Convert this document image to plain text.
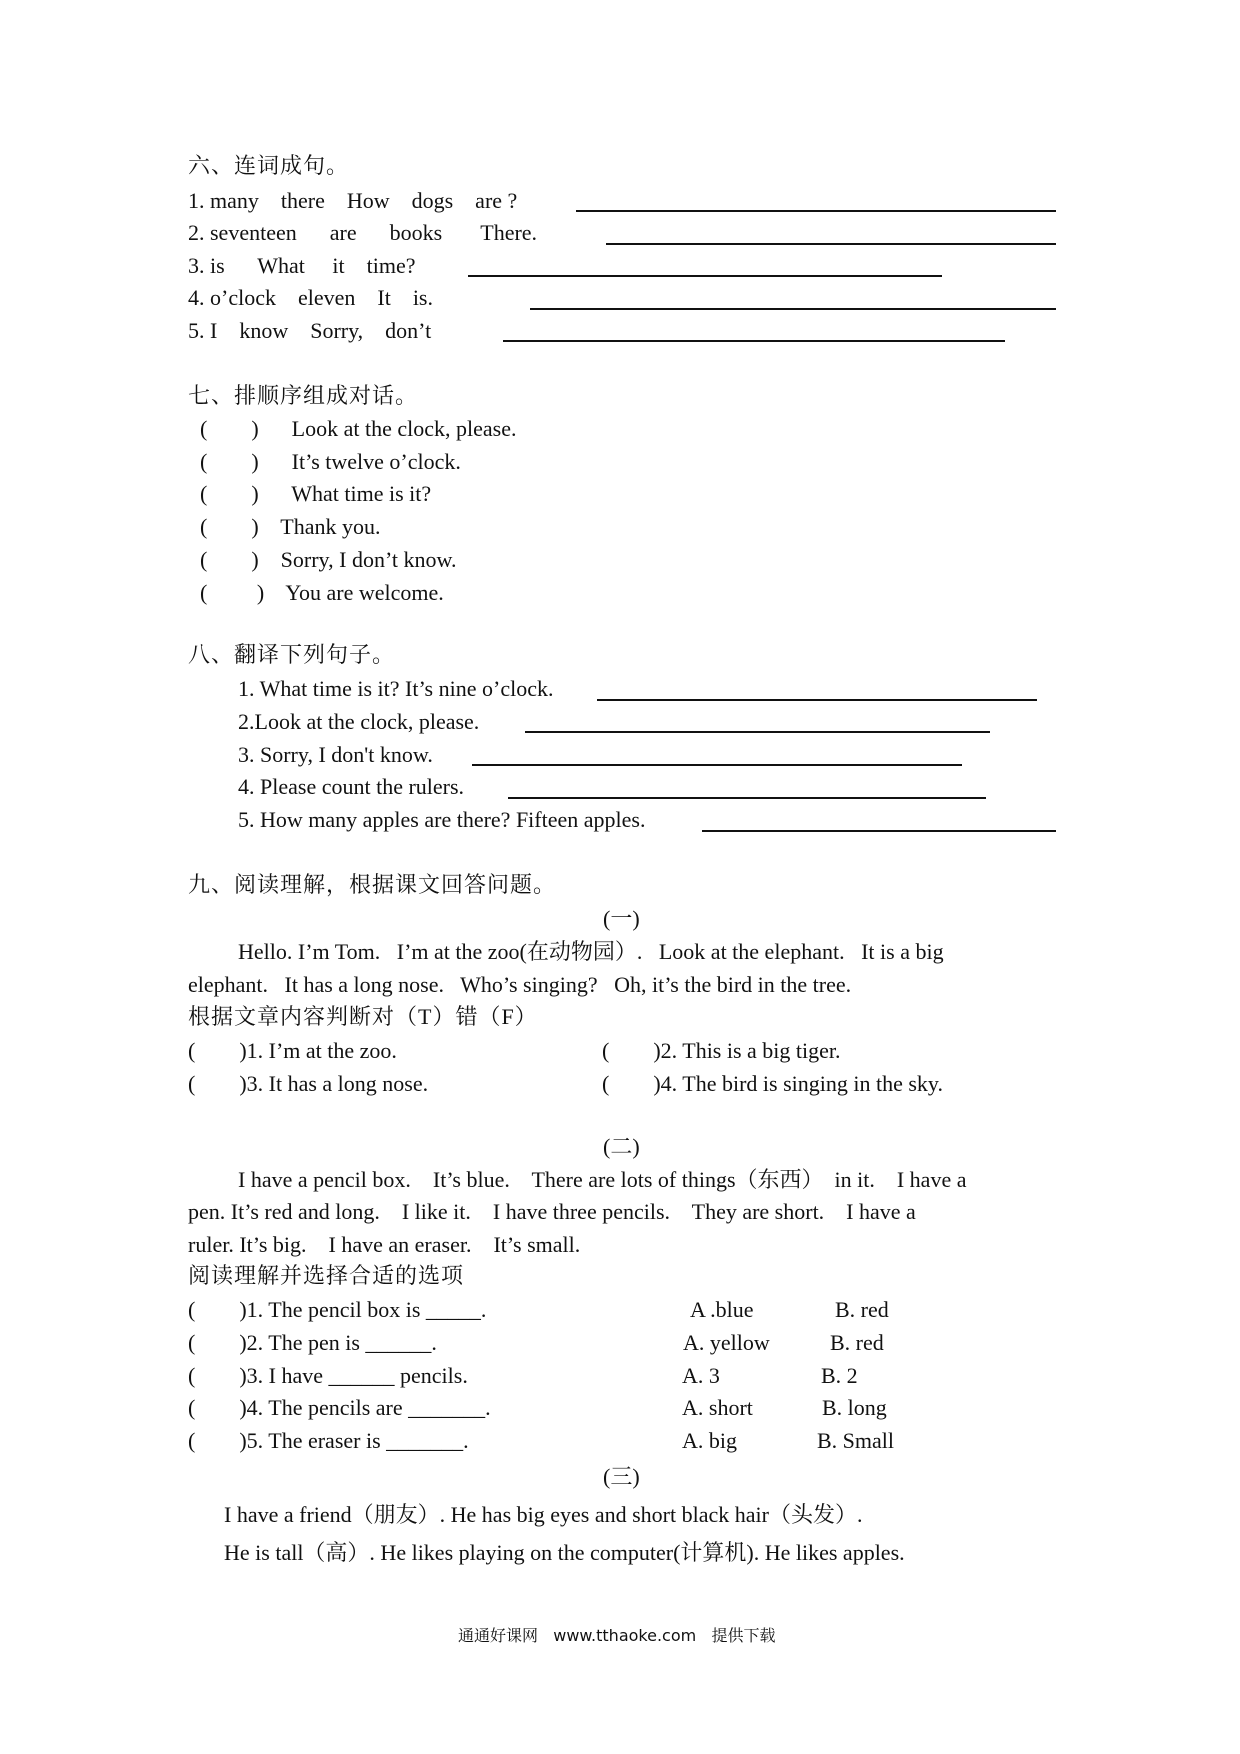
六、连词成句。
1. many    there    How    dogs    are ?
2. seventeen      are      books       There.
3. is      What     it    time?
4. o’clock    eleven    It    is.
5. I    know    Sorry,    don’t
七、排顺序组成对话。
(        )      Look at the clock, please.
(        )      It’s twelve o’clock.
(        )      What time is it?
(        )    Thank you.
(        )    Sorry, I don’t know.
(         )    You are welcome.
八、翻译下列句子。
1. What time is it? It’s nine o’clock.
2.Look at the clock, please.
3. Sorry, I don't know.
4. Please count the rulers.
5. How many apples are there? Fifteen apples.
九、阅读理解，根据课文回答问题。
(一)
Hello. I’m Tom.   I’m at the zoo(在动物园）.   Look at the elephant.   It is a big
elephant.   It has a long nose.   Who’s singing?   Oh, it’s the bird in the tree.
根据文章内容判断对（T）错（F）
(        )1. I’m at the zoo.	(        )2. This is a big tiger.
(        )3. It has a long nose.	(        )4. The bird is singing in the sky.
(二)
I have a pencil box.    It’s blue.    There are lots of things（东西）  in it.    I have a
pen. It’s red and long.    I like it.    I have three pencils.    They are short.    I have a
ruler. It’s big.    I have an eraser.    It’s small.
阅读理解并选择合适的选项
(        )1. The pencil box is _____.	A .blue	B. red
(        )2. The pen is ______.	A. yellow	B. red
(        )3. I have ______ pencils.	A. 3	B. 2
(        )4. The pencils are _______.	A. short	B. long
(        )5. The eraser is _______.	A. big	B. Small
(三)
I have a friend（朋友）. He has big eyes and short black hair（头发）.
He is tall（高）. He likes playing on the computer(计算机). He likes apples.
通通好课网   www.tthaoke.com   提供下载
